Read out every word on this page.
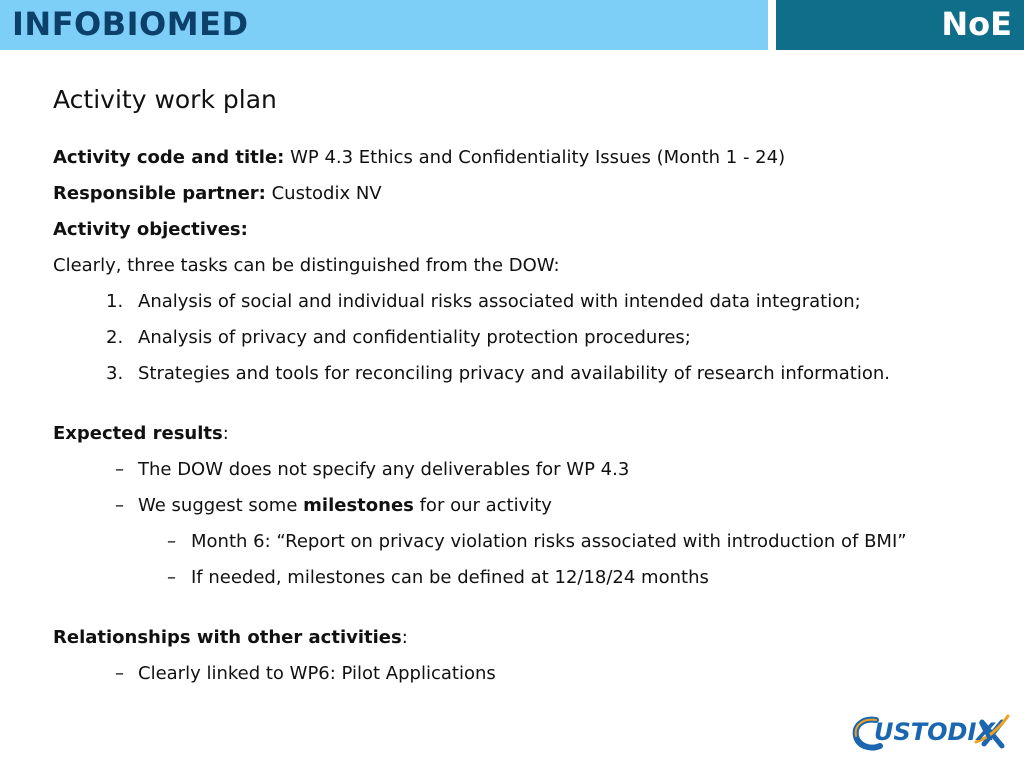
INFOBIOMED	NoE
Activity work plan

Activity code and title: WP 4.3 Ethics and Confidentiality Issues (Month 1 - 24)

Responsible partner: Custodix NV

Activity objectives:

Clearly, three tasks can be distinguished from the DOW:

1. Analysis of social and individual risks associated with intended data integration;
2. Analysis of privacy and confidentiality protection procedures;
3. Strategies and tools for reconciling privacy and availability of research information.

Expected results:

– The DOW does not specify any deliverables for WP 4.3
– We suggest some milestones for our activity
– Month 6: “Report on privacy violation risks associated with introduction of BMI”
– If needed, milestones can be defined at 12/18/24 months

Relationships with other activities:

– Clearly linked to WP6: Pilot Applications
USTODIX
